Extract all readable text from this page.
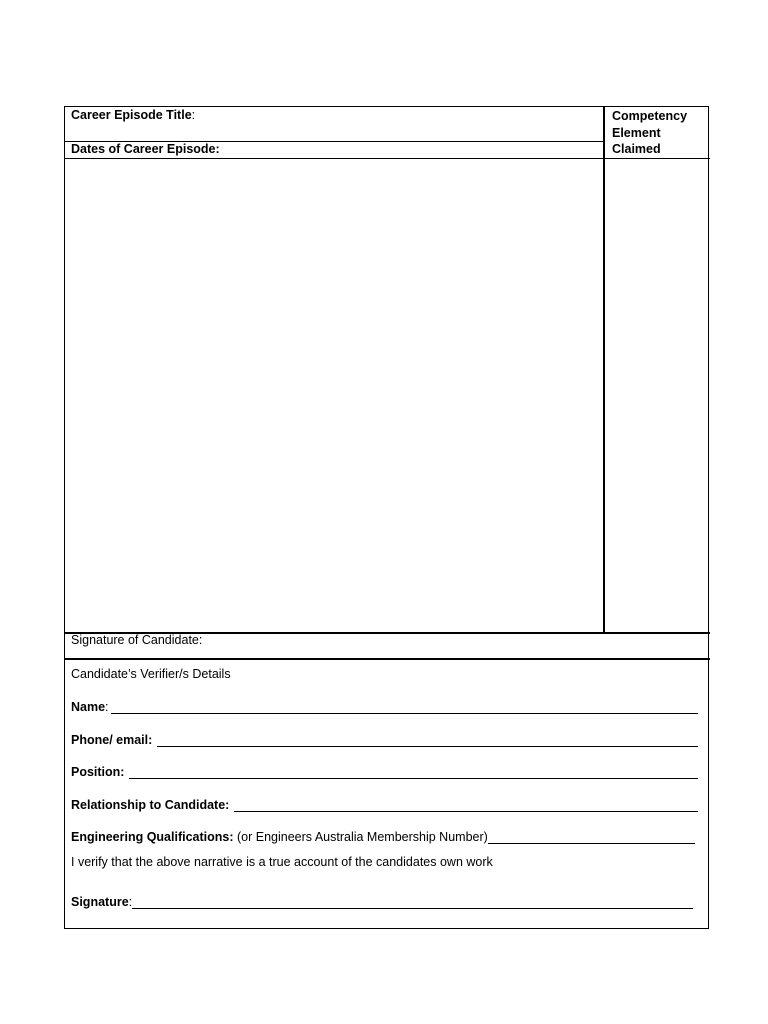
Career Episode Title:
Dates of Career Episode:
Competency
Element
Claimed
Signature of Candidate:
Candidate’s Verifier/s Details
Name :
Phone/ email:
Position:
Relationship to Candidate:
Engineering Qualifications: (or Engineers Australia Membership Number)
I verify that the above narrative is a true account of the candidates own work
Signature :
